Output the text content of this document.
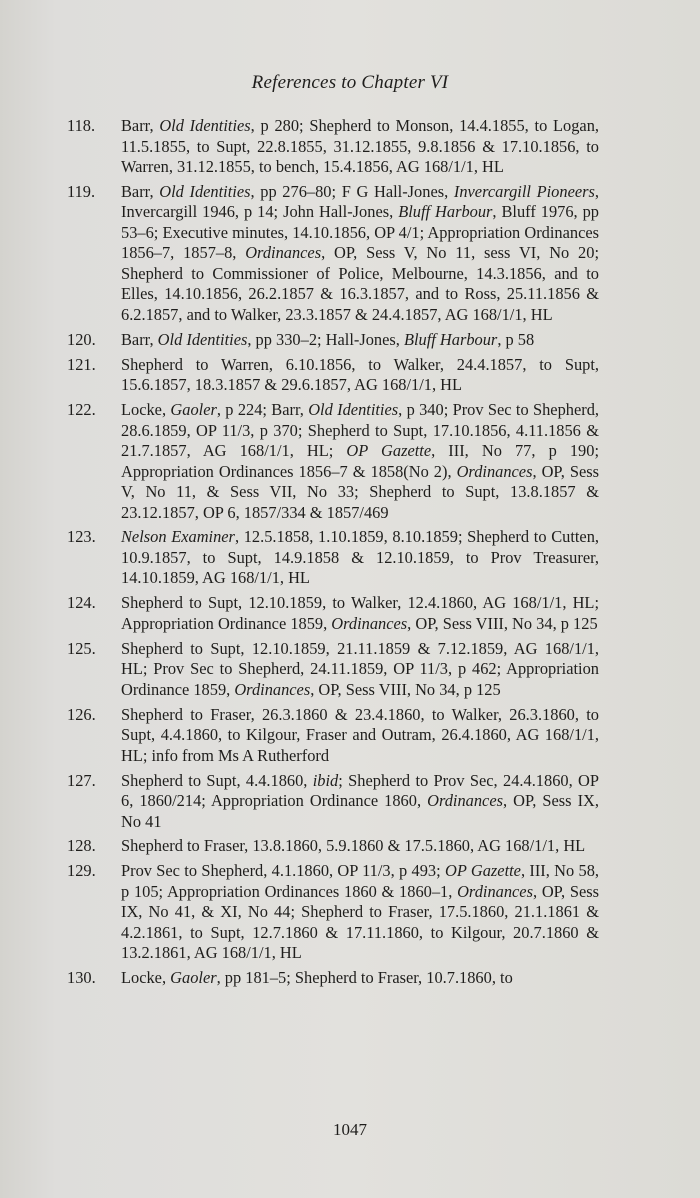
References to Chapter VI
118. Barr, Old Identities, p 280; Shepherd to Monson, 14.4.1855, to Logan, 11.5.1855, to Supt, 22.8.1855, 31.12.1855, 9.8.1856 & 17.10.1856, to Warren, 31.12.1855, to bench, 15.4.1856, AG 168/1/1, HL
119. Barr, Old Identities, pp 276–80; F G Hall-Jones, Invercargill Pioneers, Invercargill 1946, p 14; John Hall-Jones, Bluff Harbour, Bluff 1976, pp 53–6; Executive minutes, 14.10.1856, OP 4/1; Appropriation Ordinances 1856–7, 1857–8, Ordinances, OP, Sess V, No 11, sess VI, No 20; Shepherd to Commissioner of Police, Melbourne, 14.3.1856, and to Elles, 14.10.1856, 26.2.1857 & 16.3.1857, and to Ross, 25.11.1856 & 6.2.1857, and to Walker, 23.3.1857 & 24.4.1857, AG 168/1/1, HL
120. Barr, Old Identities, pp 330–2; Hall-Jones, Bluff Harbour, p 58
121. Shepherd to Warren, 6.10.1856, to Walker, 24.4.1857, to Supt, 15.6.1857, 18.3.1857 & 29.6.1857, AG 168/1/1, HL
122. Locke, Gaoler, p 224; Barr, Old Identities, p 340; Prov Sec to Shepherd, 28.6.1859, OP 11/3, p 370; Shepherd to Supt, 17.10.1856, 4.11.1856 & 21.7.1857, AG 168/1/1, HL; OP Gazette, III, No 77, p 190; Appropriation Ordinances 1856–7 & 1858(No 2), Ordinances, OP, Sess V, No 11, & Sess VII, No 33; Shepherd to Supt, 13.8.1857 & 23.12.1857, OP 6, 1857/334 & 1857/469
123. Nelson Examiner, 12.5.1858, 1.10.1859, 8.10.1859; Shepherd to Cutten, 10.9.1857, to Supt, 14.9.1858 & 12.10.1859, to Prov Treasurer, 14.10.1859, AG 168/1/1, HL
124. Shepherd to Supt, 12.10.1859, to Walker, 12.4.1860, AG 168/1/1, HL; Appropriation Ordinance 1859, Ordinances, OP, Sess VIII, No 34, p 125
125. Shepherd to Supt, 12.10.1859, 21.11.1859 & 7.12.1859, AG 168/1/1, HL; Prov Sec to Shepherd, 24.11.1859, OP 11/3, p 462; Appropriation Ordinance 1859, Ordinances, OP, Sess VIII, No 34, p 125
126. Shepherd to Fraser, 26.3.1860 & 23.4.1860, to Walker, 26.3.1860, to Supt, 4.4.1860, to Kilgour, Fraser and Outram, 26.4.1860, AG 168/1/1, HL; info from Ms A Rutherford
127. Shepherd to Supt, 4.4.1860, ibid; Shepherd to Prov Sec, 24.4.1860, OP 6, 1860/214; Appropriation Ordinance 1860, Ordinances, OP, Sess IX, No 41
128. Shepherd to Fraser, 13.8.1860, 5.9.1860 & 17.5.1860, AG 168/1/1, HL
129. Prov Sec to Shepherd, 4.1.1860, OP 11/3, p 493; OP Gazette, III, No 58, p 105; Appropriation Ordinances 1860 & 1860–1, Ordinances, OP, Sess IX, No 41, & XI, No 44; Shepherd to Fraser, 17.5.1860, 21.1.1861 & 4.2.1861, to Supt, 12.7.1860 & 17.11.1860, to Kilgour, 20.7.1860 & 13.2.1861, AG 168/1/1, HL
130. Locke, Gaoler, pp 181–5; Shepherd to Fraser, 10.7.1860, to
1047
